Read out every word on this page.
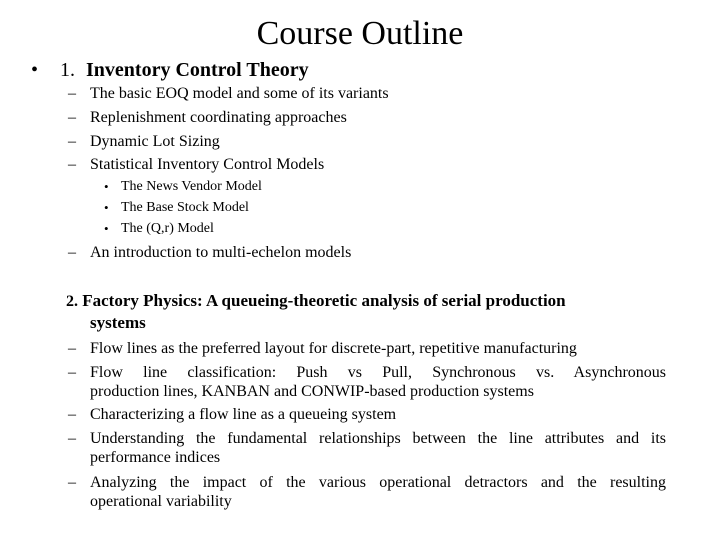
Course Outline
• 1. Inventory Control Theory
– The basic EOQ model and some of its variants
– Replenishment coordinating approaches
– Dynamic Lot Sizing
– Statistical Inventory Control Models
• The News Vendor Model
• The Base Stock Model
• The (Q,r) Model
– An introduction to multi-echelon models
2. Factory Physics: A queueing-theoretic analysis of serial production
systems
– Flow lines as the preferred layout for discrete-part, repetitive manufacturing
– Flow line classification: Push vs Pull, Synchronous vs. Asynchronous
production lines, KANBAN and CONWIP-based production systems
– Characterizing a flow line as a queueing system
– Understanding the fundamental relationships between the line attributes and its
performance indices
– Analyzing the impact of the various operational detractors and the resulting
operational variability
